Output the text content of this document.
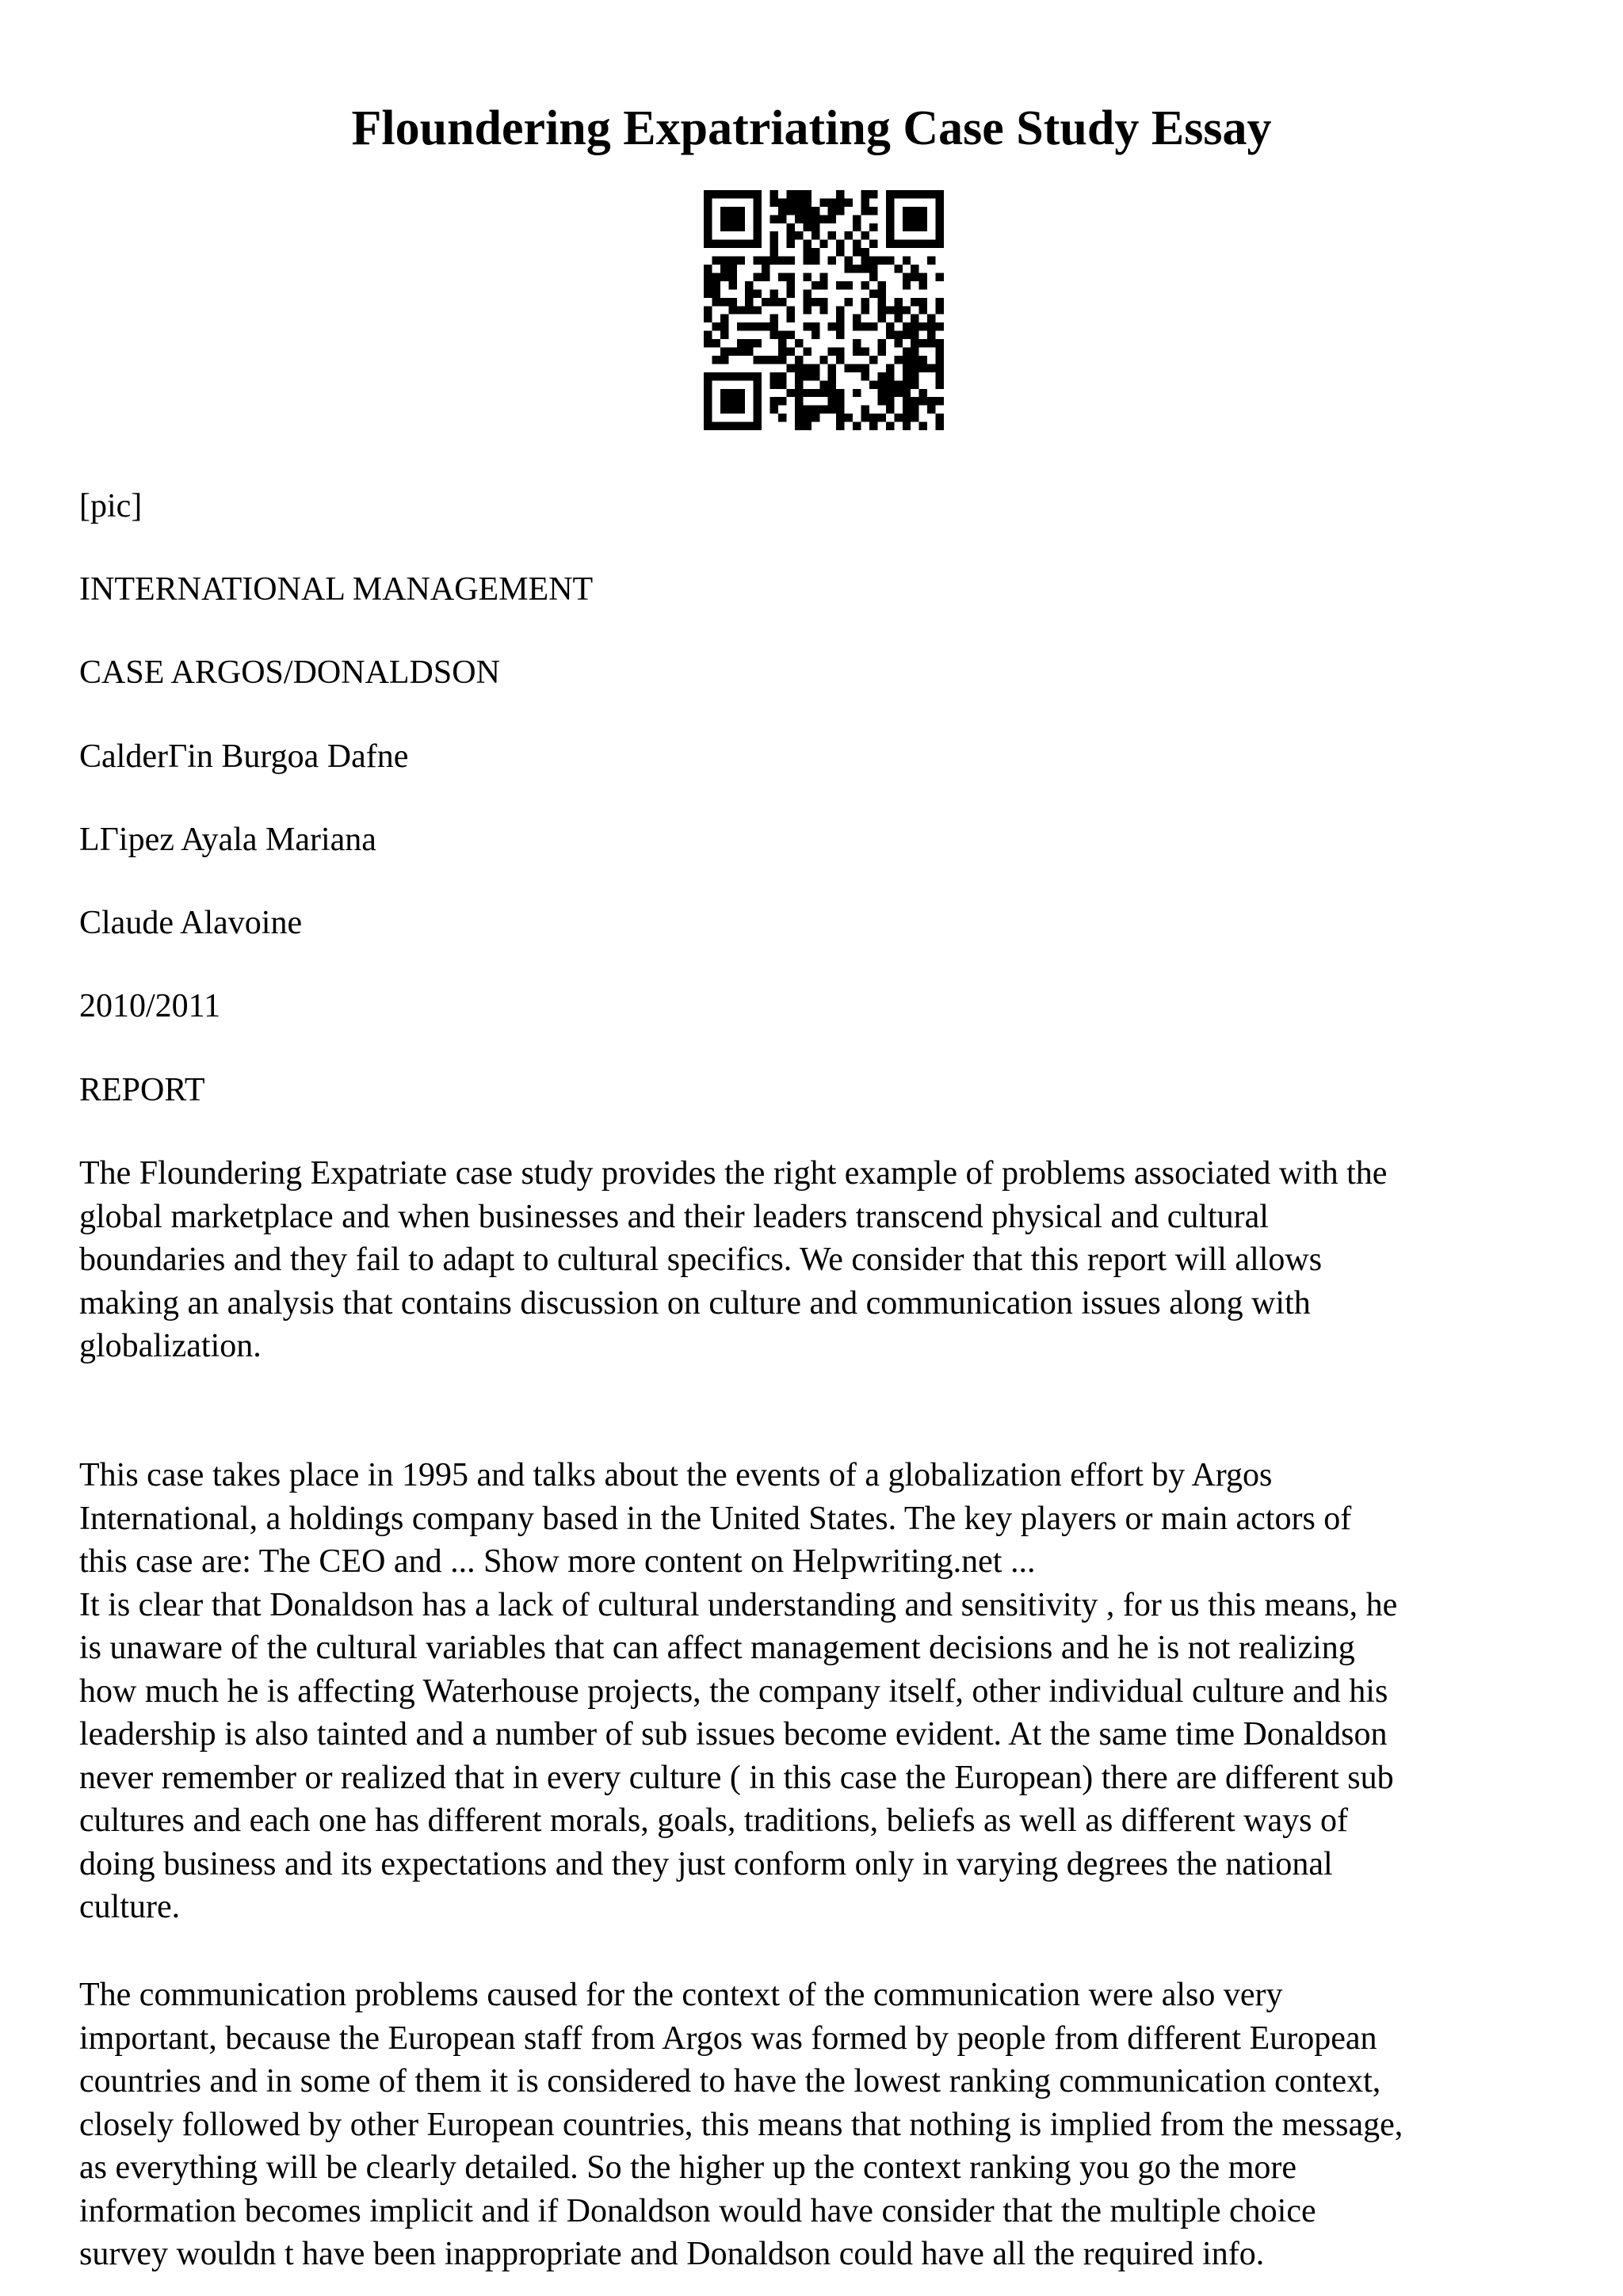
Floundering Expatriating Case Study Essay

[pic]

INTERNATIONAL MANAGEMENT

CASE ARGOS/DONALDSON

CalderГin Burgoa Dafne

LГipez Ayala Mariana

Claude Alavoine

2010/2011

REPORT

The Floundering Expatriate case study provides the right example of problems associated with the
global marketplace and when businesses and their leaders transcend physical and cultural
boundaries and they fail to adapt to cultural specifics. We consider that this report will allows
making an analysis that contains discussion on culture and communication issues along with
globalization.
This case takes place in 1995 and talks about the events of a globalization effort by Argos
International, a holdings company based in the United States. The key players or main actors of
this case are: The CEO and ... Show more content on Helpwriting.net ...
It is clear that Donaldson has a lack of cultural understanding and sensitivity , for us this means, he
is unaware of the cultural variables that can affect management decisions and he is not realizing
how much he is affecting Waterhouse projects, the company itself, other individual culture and his
leadership is also tainted and a number of sub issues become evident. At the same time Donaldson
never remember or realized that in every culture ( in this case the European) there are different sub
cultures and each one has different morals, goals, traditions, beliefs as well as different ways of
doing business and its expectations and they just conform only in varying degrees the national
culture.
The communication problems caused for the context of the communication were also very
important, because the European staff from Argos was formed by people from different European
countries and in some of them it is considered to have the lowest ranking communication context,
closely followed by other European countries, this means that nothing is implied from the message,
as everything will be clearly detailed. So the higher up the context ranking you go the more
information becomes implicit and if Donaldson would have consider that the multiple choice
survey wouldn t have been inappropriate and Donaldson could have all the required info.
